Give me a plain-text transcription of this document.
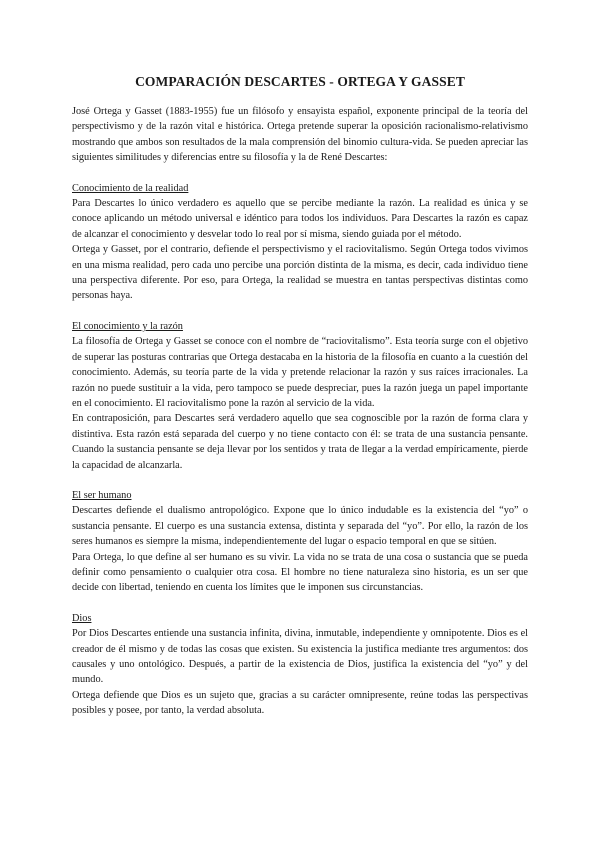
COMPARACIÓN DESCARTES - ORTEGA Y GASSET

José Ortega y Gasset (1883-1955) fue un filósofo y ensayista español, exponente principal de la teoría del perspectivismo y de la razón vital e histórica. Ortega pretende superar la oposición racionalismo-relativismo mostrando que ambos son resultados de la mala comprensión del binomio cultura-vida. Se pueden apreciar las siguientes similitudes y diferencias entre su filosofía y la de René Descartes:

Conocimiento de la realidad

Para Descartes lo único verdadero es aquello que se percibe mediante la razón. La realidad es única y se conoce aplicando un método universal e idéntico para todos los individuos. Para Descartes la razón es capaz de alcanzar el conocimiento y desvelar todo lo real por sí misma, siendo guiada por el método.

Ortega y Gasset, por el contrario, defiende el perspectivismo y el raciovitalismo. Según Ortega todos vivimos en una misma realidad, pero cada uno percibe una porción distinta de la misma, es decir, cada individuo tiene una perspectiva diferente. Por eso, para Ortega, la realidad se muestra en tantas perspectivas distintas como personas haya.

El conocimiento y la razón

La filosofía de Ortega y Gasset se conoce con el nombre de “raciovitalismo”. Esta teoría surge con el objetivo de superar las posturas contrarias que Ortega destacaba en la historia de la filosofía en cuanto a la cuestión del conocimiento. Además, su teoría parte de la vida y pretende relacionar la razón y sus raíces irracionales. La razón no puede sustituir a la vida, pero tampoco se puede despreciar, pues la razón juega un papel importante en el conocimiento. El raciovitalismo pone la razón al servicio de la vida.

En contraposición, para Descartes será verdadero aquello que sea cognoscible por la razón de forma clara y distintiva. Esta razón está separada del cuerpo y no tiene contacto con él: se trata de una sustancia pensante. Cuando la sustancia pensante se deja llevar por los sentidos y trata de llegar a la verdad empíricamente, pierde la capacidad de alcanzarla.

El ser humano

Descartes defiende el dualismo antropológico. Expone que lo único indudable es la existencia del “yo” o sustancia pensante. El cuerpo es una sustancia extensa, distinta y separada del “yo”. Por ello, la razón de los seres humanos es siempre la misma, independientemente del lugar o espacio temporal en que se sitúen.

Para Ortega, lo que define al ser humano es su vivir. La vida no se trata de una cosa o sustancia que se pueda definir como pensamiento o cualquier otra cosa. El hombre no tiene naturaleza sino historia, es un ser que decide con libertad, teniendo en cuenta los límites que le imponen sus circunstancias.

Dios

Por Dios Descartes entiende una sustancia infinita, divina, inmutable, independiente y omnipotente. Dios es el creador de él mismo y de todas las cosas que existen. Su existencia la justifica mediante tres argumentos: dos causales y uno ontológico. Después, a partir de la existencia de Dios, justifica la existencia del “yo” y del mundo.

Ortega defiende que Dios es un sujeto que, gracias a su carácter omnipresente, reúne todas las perspectivas posibles y posee, por tanto, la verdad absoluta.
